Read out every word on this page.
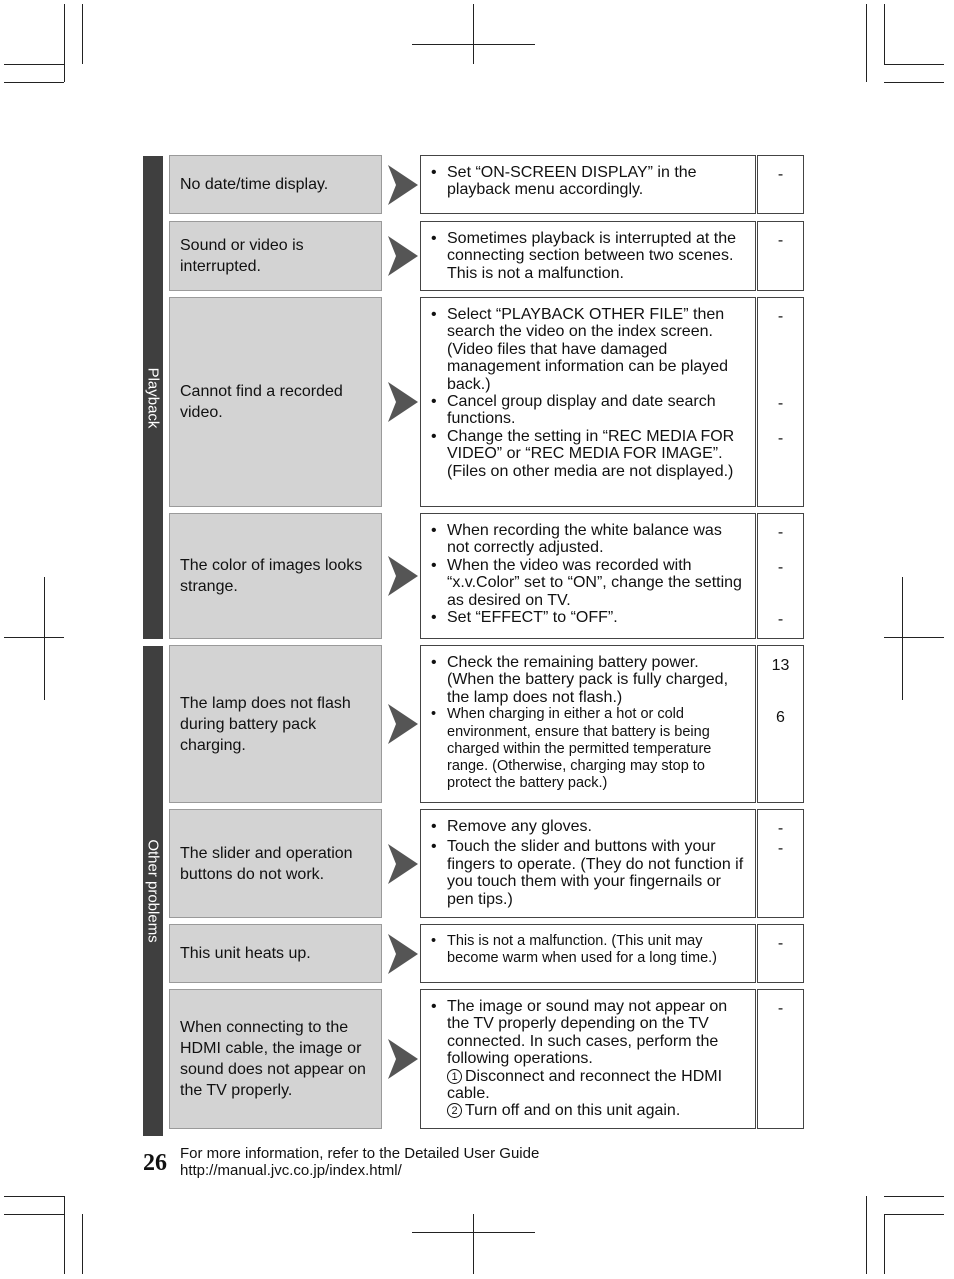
Playback
Other problems
No date/time display.
• Set “ON-SCREEN DISPLAY” in the playback menu accordingly.
-
Sound or video is interrupted.
• Sometimes playback is interrupted at the connecting section between two scenes. This is not a malfunction.
-
Cannot find a recorded video.
• Select “PLAYBACK OTHER FILE” then search the video on the index screen. (Video files that have damaged management information can be played back.)
• Cancel group display and date search functions.
• Change the setting in “REC MEDIA FOR VIDEO” or “REC MEDIA FOR IMAGE”. (Files on other media are not displayed.)
-
-
-
The color of images looks strange.
• When recording the white balance was not correctly adjusted.
• When the video was recorded with “x.v.Color” set to “ON”, change the setting as desired on TV.
• Set “EFFECT” to “OFF”.
-
-
-
The lamp does not flash during battery pack charging.
• Check the remaining battery power. (When the battery pack is fully charged, the lamp does not flash.)
• When charging in either a hot or cold environment, ensure that battery is being charged within the permitted temperature range. (Otherwise, charging may stop to protect the battery pack.)
13
6
The slider and operation buttons do not work.
• Remove any gloves.
• Touch the slider and buttons with your fingers to operate. (They do not function if you touch them with your fingernails or pen tips.)
-
-
This unit heats up.
• This is not a malfunction. (This unit may become warm when used for a long time.)
-
When connecting to the HDMI cable, the image or sound does not appear on the TV properly.
• The image or sound may not appear on the TV properly depending on the TV connected. In such cases, perform the following operations.
1 Disconnect and reconnect the HDMI cable.
2 Turn off and on this unit again.
-
26 For more information, refer to the Detailed User Guide
http://manual.jvc.co.jp/index.html/
